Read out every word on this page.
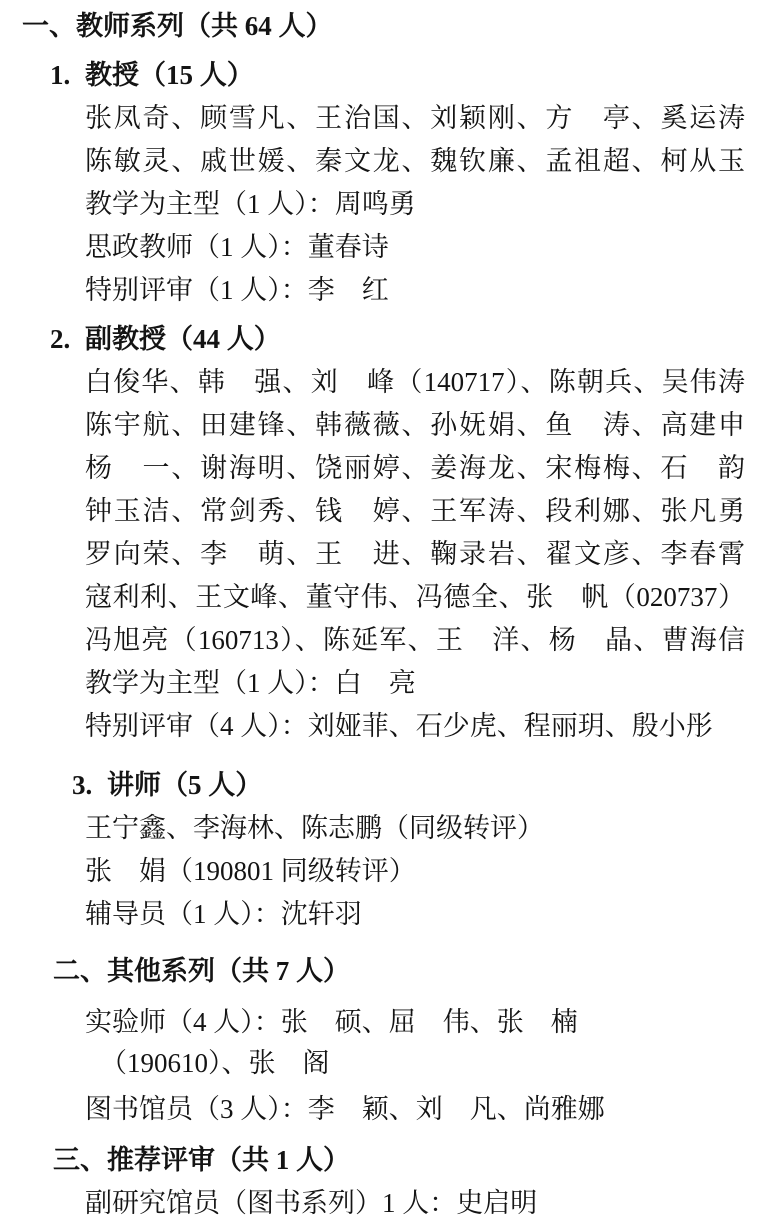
一、教师系列（共 64 人）
1. 教授（15 人）
张凤奇、顾雪凡、王治国、刘颖刚、方　亭、奚运涛
陈敏灵、戚世媛、秦文龙、魏钦廉、孟祖超、柯从玉
教学为主型（1 人）：周鸣勇
思政教师（1 人）：董春诗
特别评审（1 人）：李　红
2. 副教授（44 人）
白俊华、韩　强、刘　峰（140717）、陈朝兵、吴伟涛
陈宇航、田建锋、韩薇薇、孙妩娟、鱼　涛、高建申
杨　一、谢海明、饶丽婷、姜海龙、宋梅梅、石　韵
钟玉洁、常剑秀、钱　婷、王军涛、段利娜、张凡勇
罗向荣、李　萌、王　进、鞠录岩、翟文彦、李春霄
寇利利、王文峰、董守伟、冯德全、张　帆（020737）
冯旭亮（160713）、陈延军、王　洋、杨　晶、曹海信
教学为主型（1 人）：白　亮
特别评审（4 人）：刘娅菲、石少虎、程丽玥、殷小彤
3. 讲师（5 人）
王宁鑫、李海林、陈志鹏（同级转评）
张　娟（190801 同级转评）
辅导员（1 人）：沈轩羽
二、其他系列（共 7 人）
实验师（4 人）：张　硕、屈　伟、张　楠
（190610）、张　阁
图书馆员（3 人）：李　颖、刘　凡、尚雅娜
三、推荐评审（共 1 人）
副研究馆员（图书系列）1 人：史启明
